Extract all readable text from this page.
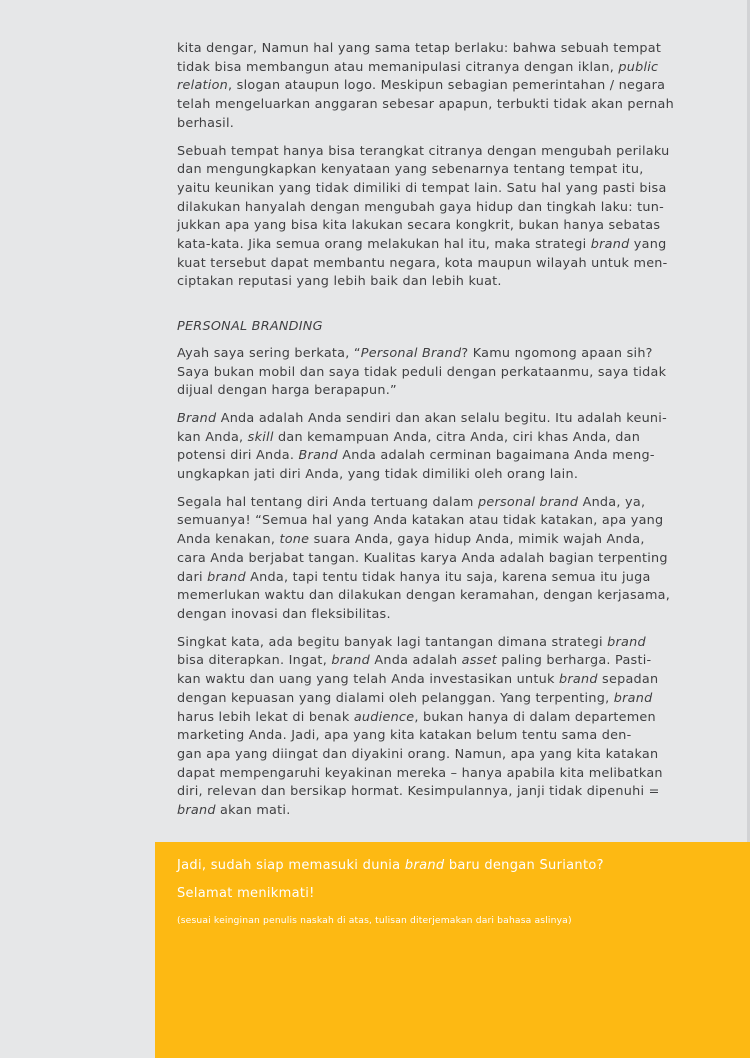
kita dengar, Namun hal yang sama tetap berlaku: bahwa sebuah tempat
tidak bisa membangun atau memanipulasi citranya dengan iklan, public
relation, slogan ataupun logo. Meskipun sebagian pemerintahan / negara
telah mengeluarkan anggaran sebesar apapun, terbukti tidak akan pernah
berhasil.

Sebuah tempat hanya bisa terangkat citranya dengan mengubah perilaku
dan mengungkapkan kenyataan yang sebenarnya tentang tempat itu,
yaitu keunikan yang tidak dimiliki di tempat lain. Satu hal yang pasti bisa
dilakukan hanyalah dengan mengubah gaya hidup dan tingkah laku: tun-
jukkan apa yang bisa kita lakukan secara kongkrit, bukan hanya sebatas
kata-kata. Jika semua orang melakukan hal itu, maka strategi brand yang
kuat tersebut dapat membantu negara, kota maupun wilayah untuk men-
ciptakan reputasi yang lebih baik dan lebih kuat.

PERSONAL BRANDING

Ayah saya sering berkata, “Personal Brand? Kamu ngomong apaan sih?
Saya bukan mobil dan saya tidak peduli dengan perkataanmu, saya tidak
dijual dengan harga berapapun.”

Brand Anda adalah Anda sendiri dan akan selalu begitu. Itu adalah keuni-
kan Anda, skill dan kemampuan Anda, citra Anda, ciri khas Anda, dan
potensi diri Anda. Brand Anda adalah cerminan bagaimana Anda meng-
ungkapkan jati diri Anda, yang tidak dimiliki oleh orang lain.

Segala hal tentang diri Anda tertuang dalam personal brand Anda, ya,
semuanya! “Semua hal yang Anda katakan atau tidak katakan, apa yang
Anda kenakan, tone suara Anda, gaya hidup Anda, mimik wajah Anda,
cara Anda berjabat tangan. Kualitas karya Anda adalah bagian terpenting
dari brand Anda, tapi tentu tidak hanya itu saja, karena semua itu juga
memerlukan waktu dan dilakukan dengan keramahan, dengan kerjasama,
dengan inovasi dan fleksibilitas.

Singkat kata, ada begitu banyak lagi tantangan dimana strategi brand
bisa diterapkan. Ingat, brand Anda adalah asset paling berharga. Pasti-
kan waktu dan uang yang telah Anda investasikan untuk brand sepadan
dengan kepuasan yang dialami oleh pelanggan. Yang terpenting, brand
harus lebih lekat di benak audience, bukan hanya di dalam departemen
marketing Anda. Jadi, apa yang kita katakan belum tentu sama den-
gan apa yang diingat dan diyakini orang. Namun, apa yang kita katakan
dapat mempengaruhi keyakinan mereka – hanya apabila kita melibatkan
diri, relevan dan bersikap hormat. Kesimpulannya, janji tidak dipenuhi =
brand akan mati.

Jadi, sudah siap memasuki dunia brand baru dengan Surianto?

Selamat menikmati!

(sesuai keinginan penulis naskah di atas, tulisan diterjemakan dari bahasa aslinya)
